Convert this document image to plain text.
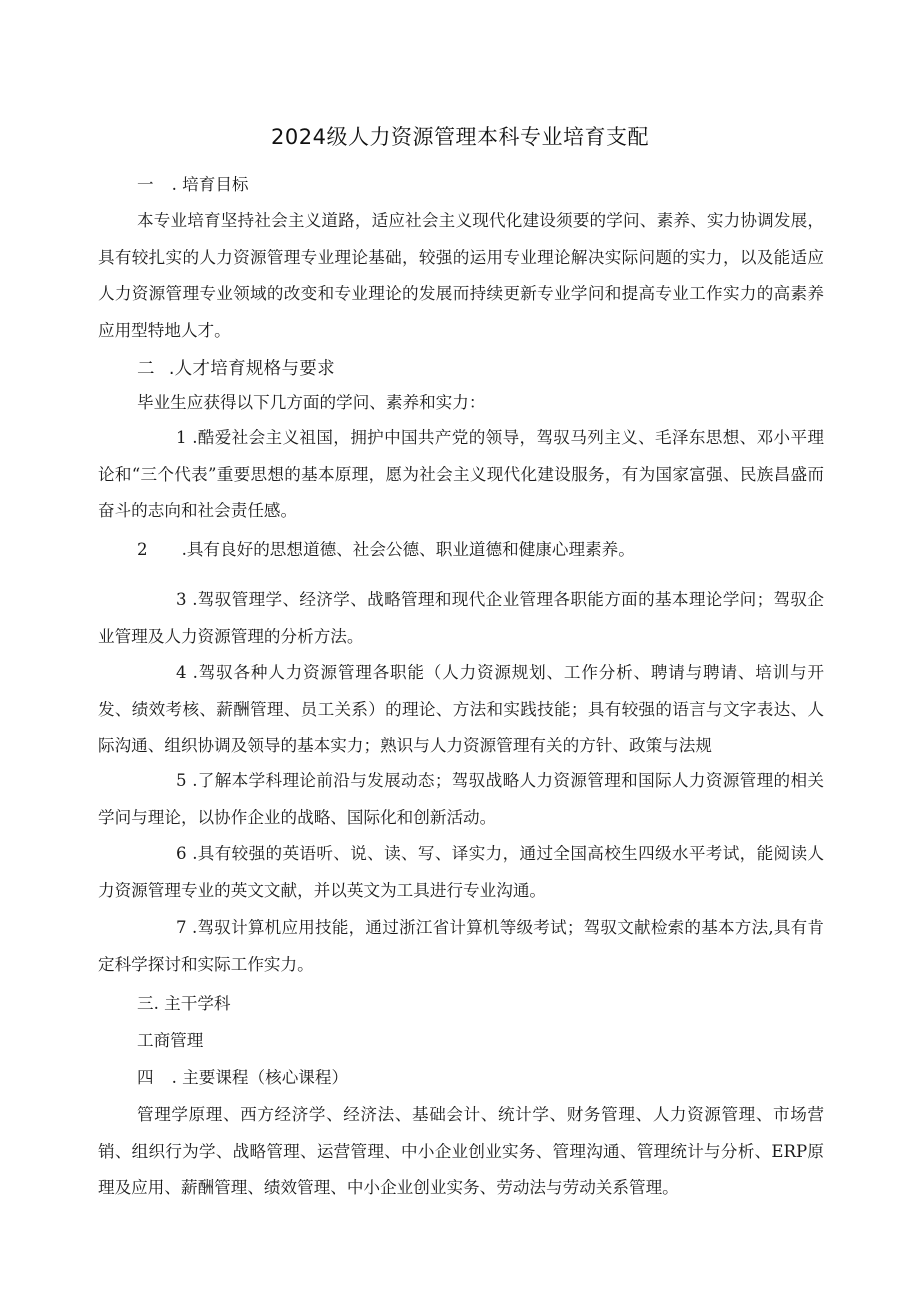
2024级人力资源管理本科专业培育支配
一 . 培育目标
本专业培育坚持社会主义道路，适应社会主义现代化建设须要的学问、素养、实力协调发展，具有较扎实的人力资源管理专业理论基础，较强的运用专业理论解决实际问题的实力，以及能适应人力资源管理专业领域的改变和专业理论的发展而持续更新专业学问和提高专业工作实力的高素养应用型特地人才。
二 .人才培育规格与要求
毕业生应获得以下几方面的学问、素养和实力：
1 .酷爱社会主义祖国，拥护中国共产党的领导，驾驭马列主义、毛泽东思想、邓小平理论和“三个代表”重要思想的基本原理，愿为社会主义现代化建设服务，有为国家富强、民族昌盛而奋斗的志向和社会责任感。
2 .具有良好的思想道德、社会公德、职业道德和健康心理素养。
3 .驾驭管理学、经济学、战略管理和现代企业管理各职能方面的基本理论学问；驾驭企业管理及人力资源管理的分析方法。
4 .驾驭各种人力资源管理各职能（人力资源规划、工作分析、聘请与聘请、培训与开发、绩效考核、薪酬管理、员工关系）的理论、方法和实践技能；具有较强的语言与文字表达、人际沟通、组织协调及领导的基本实力；熟识与人力资源管理有关的方针、政策与法规
5 .了解本学科理论前沿与发展动态；驾驭战略人力资源管理和国际人力资源管理的相关学问与理论，以协作企业的战略、国际化和创新活动。
6 .具有较强的英语听、说、读、写、译实力，通过全国高校生四级水平考试，能阅读人力资源管理专业的英文文献，并以英文为工具进行专业沟通。
7 .驾驭计算机应用技能，通过浙江省计算机等级考试；驾驭文献检索的基本方法,具有肯定科学探讨和实际工作实力。
三. 主干学科
工商管理
四 . 主要课程（核心课程）
管理学原理、西方经济学、经济法、基础会计、统计学、财务管理、人力资源管理、市场营销、组织行为学、战略管理、运营管理、中小企业创业实务、管理沟通、管理统计与分析、ERP原理及应用、薪酬管理、绩效管理、中小企业创业实务、劳动法与劳动关系管理。
